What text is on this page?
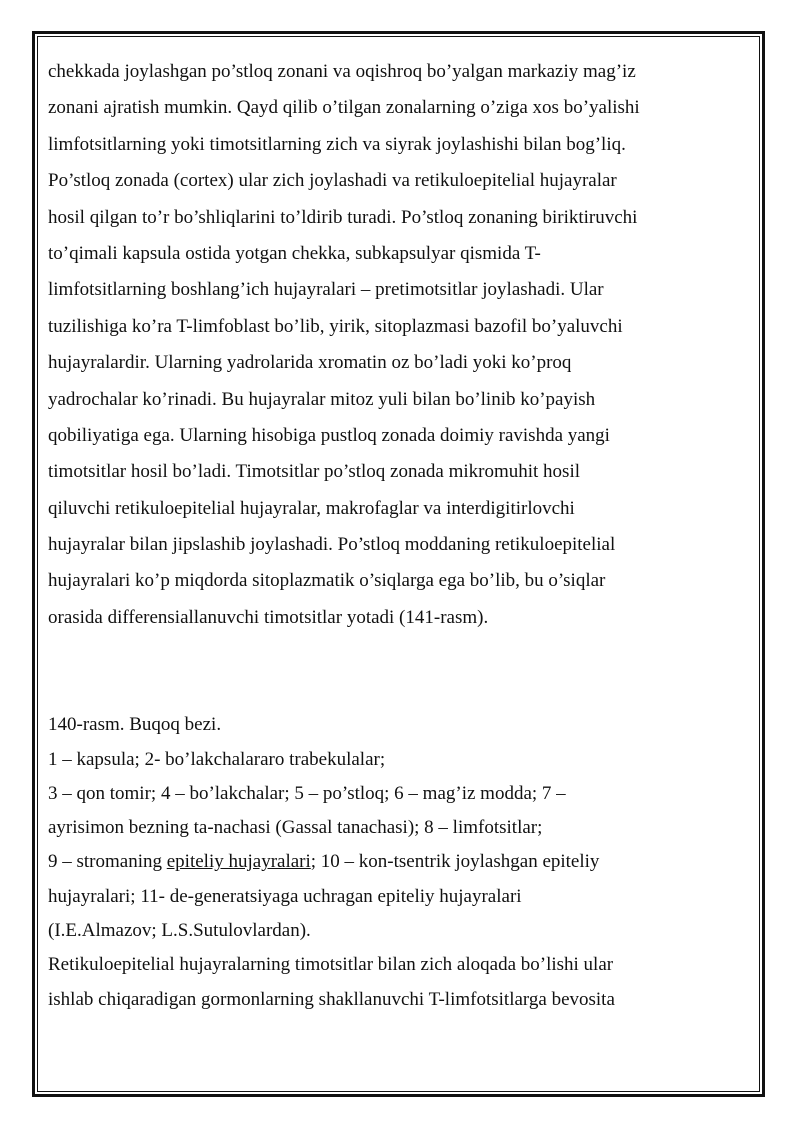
chekkada joylashgan po’stloq zonani va oqishroq bo’yalgan markaziy mag’iz
zonani ajratish mumkin. Qayd qilib o’tilgan zonalarning o’ziga xos bo’yalishi
limfotsitlarning yoki timotsitlarning zich va siyrak joylashishi bilan bog’liq.
Po’stloq zonada (cortex) ular zich joylashadi va retikuloepitelial hujayralar
hosil qilgan to’r bo’shliqlarini to’ldirib turadi. Po’stloq zonaning biriktiruvchi
to’qimali kapsula ostida yotgan chekka, subkapsulyar qismida T-
limfotsitlarning boshlang’ich hujayralari – pretimotsitlar joylashadi. Ular
tuzilishiga ko’ra T-limfoblast bo’lib, yirik, sitoplazmasi bazofil bo’yaluvchi
hujayralardir. Ularning yadrolarida xromatin oz bo’ladi yoki ko’proq
yadrochalar ko’rinadi. Bu hujayralar mitoz yuli bilan bo’linib ko’payish
qobiliyatiga ega. Ularning hisobiga pustloq zonada doimiy ravishda yangi
timotsitlar hosil bo’ladi. Timotsitlar po’stloq zonada mikromuhit hosil
qiluvchi retikuloepitelial hujayralar, makrofaglar va interdigitirlovchi
hujayralar bilan jipslashib joylashadi. Po’stloq moddaning retikuloepitelial
hujayralari ko’p miqdorda sitoplazmatik o’siqlarga ega bo’lib, bu o’siqlar
orasida differensiallanuvchi timotsitlar yotadi (141-rasm).
140-rasm. Buqoq bezi.
1 – kapsula; 2- bo’lakchalararo trabekulalar;
3 – qon tomir; 4 – bo’lakchalar; 5 – po’stloq; 6 – mag’iz modda; 7 –
ayrisimon bezning ta-nachasi (Gassal tanachasi); 8 – limfotsitlar;
9 – stromaning epiteliy hujayralari; 10 – kon-tsentrik joylashgan epiteliy
hujayralari; 11- de-generatsiyaga uchragan epiteliy hujayralari
(I.E.Almazov; L.S.Sutulovlardan).
Retikuloepitelial hujayralarning timotsitlar bilan zich aloqada bo’lishi ular
ishlab chiqaradigan gormonlarning shakllanuvchi T-limfotsitlarga bevosita
